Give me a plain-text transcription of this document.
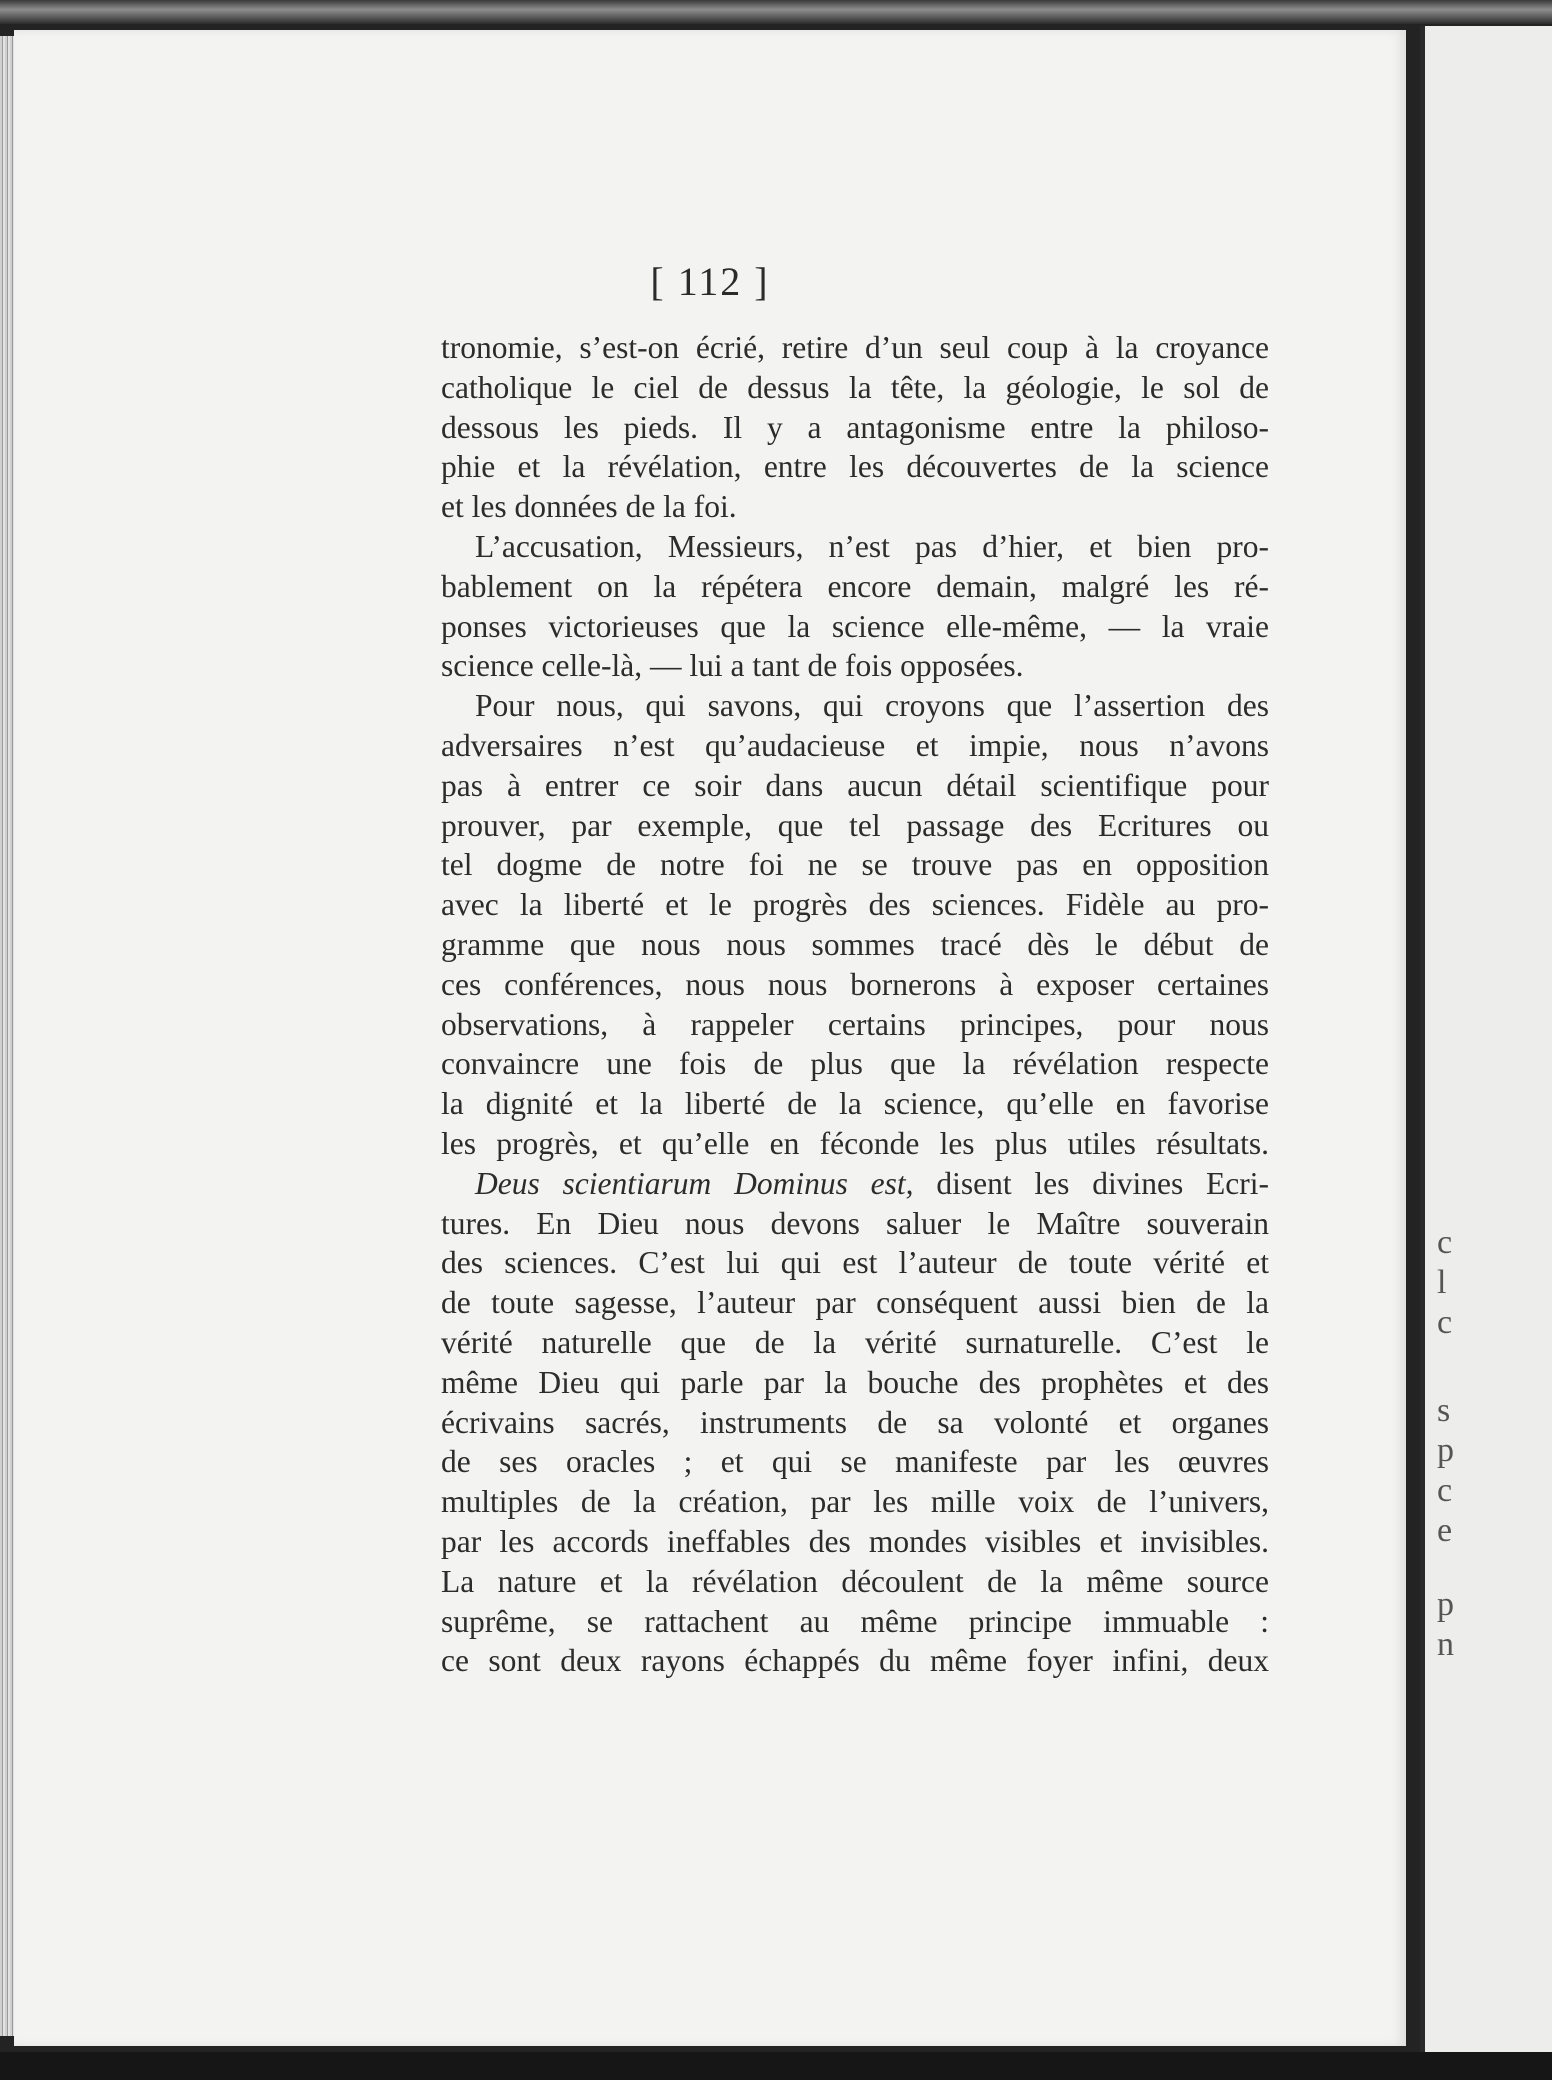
[ 112 ]

tronomie, s’est-on écrié, retire d’un seul coup à la croyance
catholique le ciel de dessus la tête, la géologie, le sol de
dessous les pieds. Il y a antagonisme entre la philoso-
phie et la révélation, entre les découvertes de la science
et les données de la foi.

L’accusation, Messieurs, n’est pas d’hier, et bien pro-
bablement on la répétera encore demain, malgré les ré-
ponses victorieuses que la science elle-même, — la vraie
science celle-là, — lui a tant de fois opposées.

Pour nous, qui savons, qui croyons que l’assertion des
adversaires n’est qu’audacieuse et impie, nous n’avons
pas à entrer ce soir dans aucun détail scientifique pour
prouver, par exemple, que tel passage des Ecritures ou
tel dogme de notre foi ne se trouve pas en opposition
avec la liberté et le progrès des sciences. Fidèle au pro-
gramme que nous nous sommes tracé dès le début de
ces conférences, nous nous bornerons à exposer certaines
observations, à rappeler certains principes, pour nous
convaincre une fois de plus que la révélation respecte
la dignité et la liberté de la science, qu’elle en favorise
les progrès, et qu’elle en féconde les plus utiles résultats.

Deus scientiarum Dominus est, disent les divines Ecri-
tures. En Dieu nous devons saluer le Maître souverain
des sciences. C’est lui qui est l’auteur de toute vérité et
de toute sagesse, l’auteur par conséquent aussi bien de la
vérité naturelle que de la vérité surnaturelle. C’est le
même Dieu qui parle par la bouche des prophètes et des
écrivains sacrés, instruments de sa volonté et organes
de ses oracles ; et qui se manifeste par les œuvres
multiples de la création, par les mille voix de l’univers,
par les accords ineffables des mondes visibles et invisibles.
La nature et la révélation découlent de la même source
suprême, se rattachent au même principe immuable :
ce sont deux rayons échappés du même foyer infini, deux

c
l
c
s
p
c
e
p
n
